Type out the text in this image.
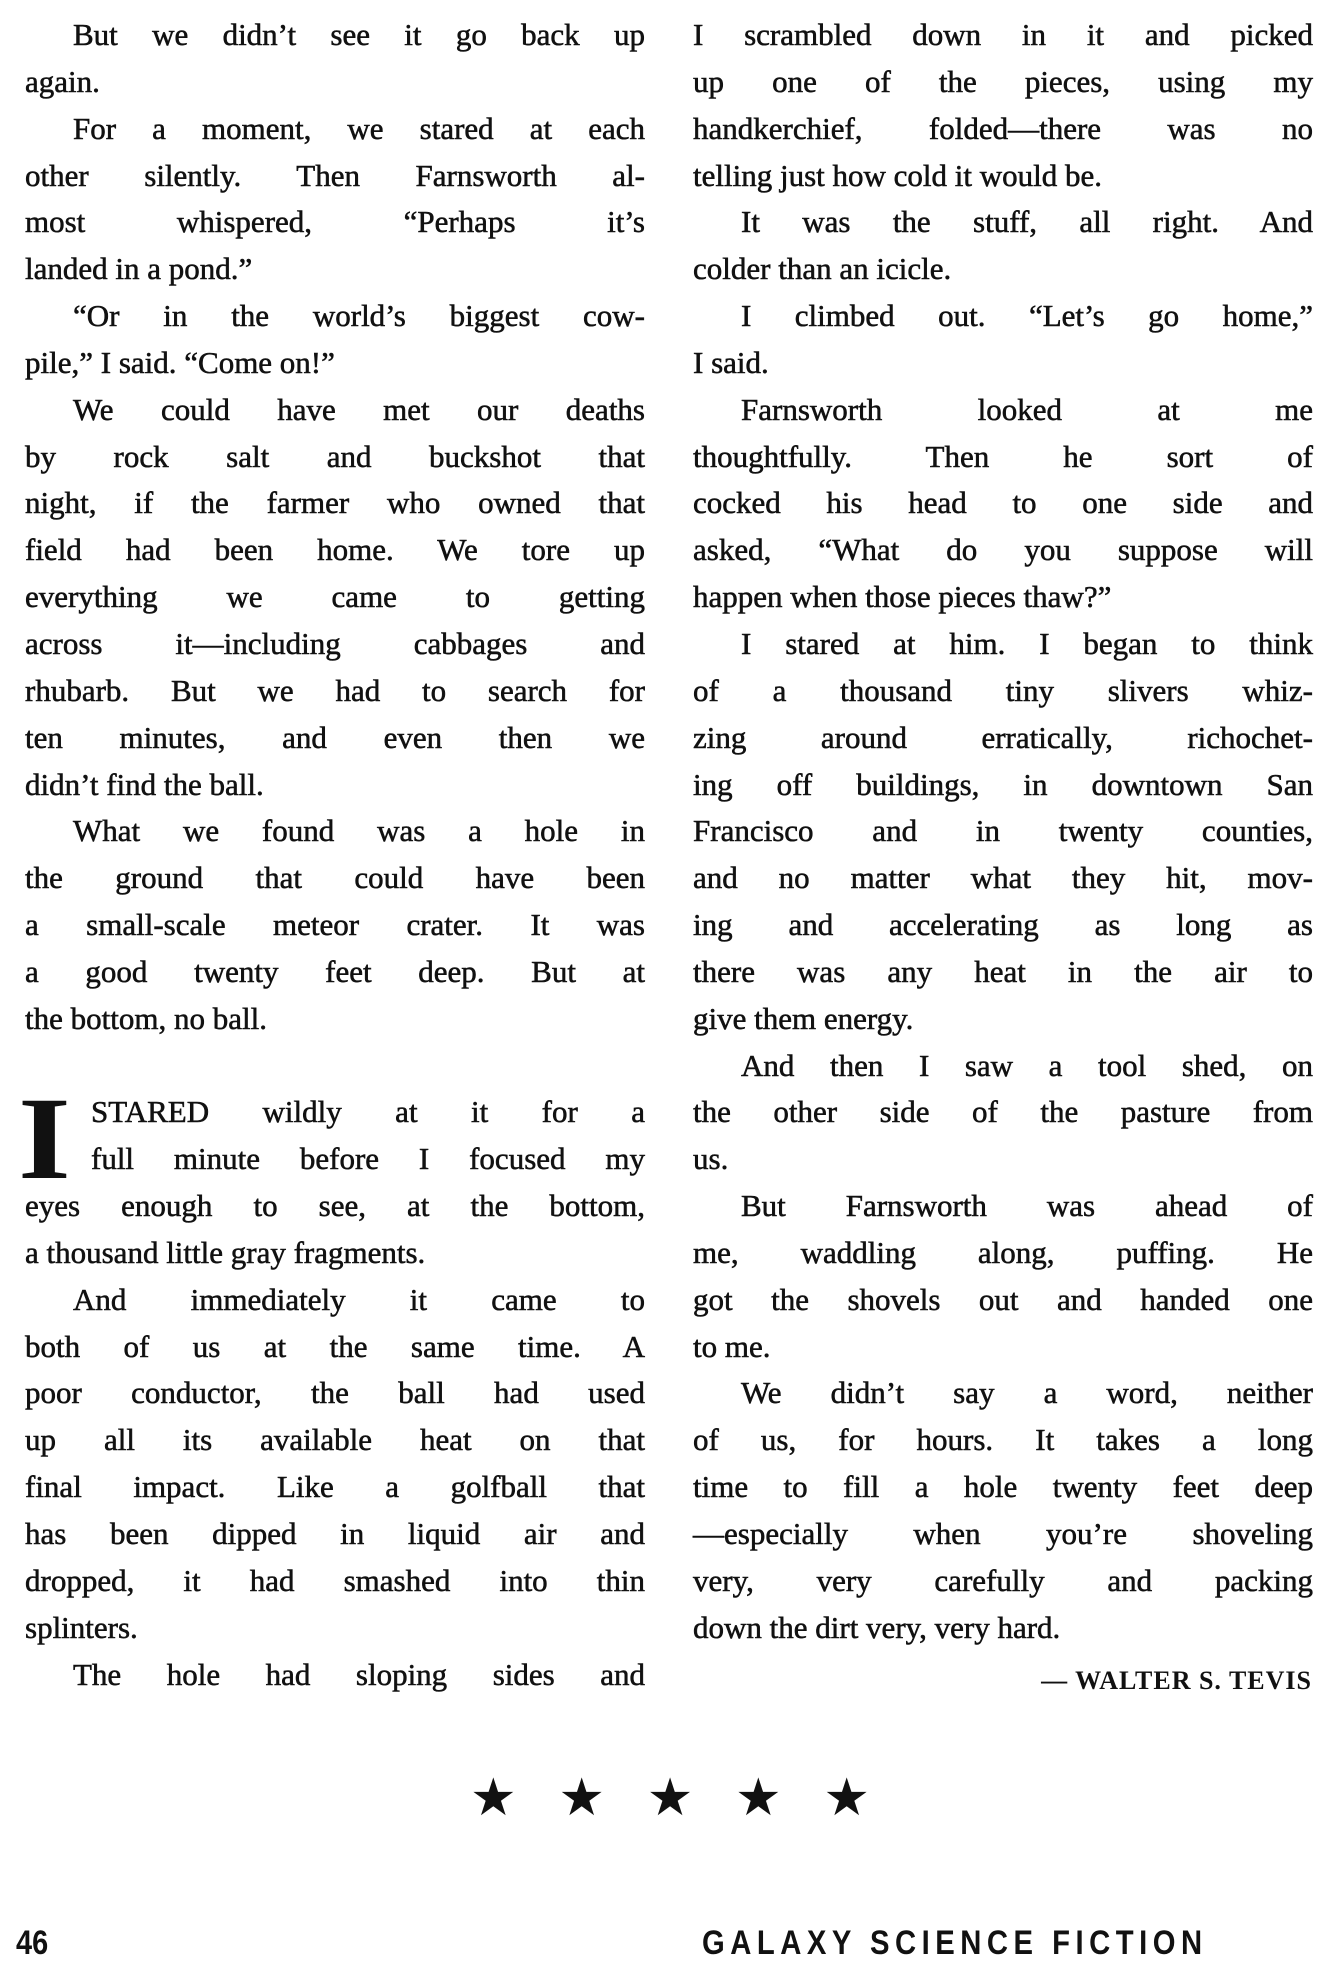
But we didn’t see it go back up
again.
For a moment, we stared at each
other silently. Then Farnsworth al-
most whispered, “Perhaps it’s
landed in a pond.”
“Or in the world’s biggest cow-
pile,” I said. “Come on!”
We could have met our deaths
by rock salt and buckshot that
night, if the farmer who owned that
field had been home. We tore up
everything we came to getting
across it—including cabbages and
rhubarb. But we had to search for
ten minutes, and even then we
didn’t find the ball.
What we found was a hole in
the ground that could have been
a small-scale meteor crater. It was
a good twenty feet deep. But at
the bottom, no ball.
STARED wildly at it for a
full minute before I focused my
eyes enough to see, at the bottom,
a thousand little gray fragments.
And immediately it came to
both of us at the same time. A
poor conductor, the ball had used
up all its available heat on that
final impact. Like a golfball that
has been dipped in liquid air and
dropped, it had smashed into thin
splinters.
The hole had sloping sides and
I
I scrambled down in it and picked
up one of the pieces, using my
handkerchief, folded—there was no
telling just how cold it would be.
It was the stuff, all right. And
colder than an icicle.
I climbed out. “Let’s go home,”
I said.
Farnsworth looked at me
thoughtfully. Then he sort of
cocked his head to one side and
asked, “What do you suppose will
happen when those pieces thaw?”
I stared at him. I began to think
of a thousand tiny slivers whiz-
zing around erratically, richochet-
ing off buildings, in downtown San
Francisco and in twenty counties,
and no matter what they hit, mov-
ing and accelerating as long as
there was any heat in the air to
give them energy.
And then I saw a tool shed, on
the other side of the pasture from
us.
But Farnsworth was ahead of
me, waddling along, puffing. He
got the shovels out and handed one
to me.
We didn’t say a word, neither
of us, for hours. It takes a long
time to fill a hole twenty feet deep
—especially when you’re shoveling
very, very carefully and packing
down the dirt very, very hard.
— WALTER S. TEVIS
★ ★ ★ ★ ★
46	GALAXY SCIENCE FICTION
